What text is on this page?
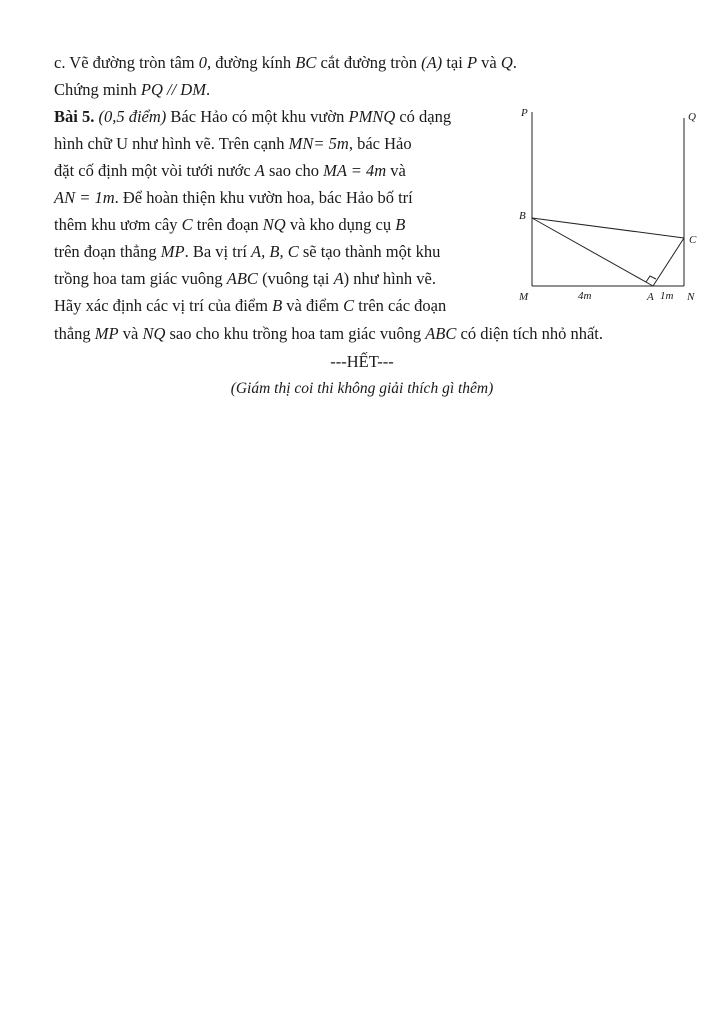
c. Vẽ đường tròn tâm 0, đường kính BC cắt đường tròn (A) tại P và Q.
Chứng minh PQ // DM.
Bài 5. (0,5 điểm) Bác Hảo có một khu vườn PMNQ có dạng
hình chữ U như hình vẽ. Trên cạnh MN= 5m, bác Hảo
đặt cố định một vòi tưới nước A sao cho MA = 4m và
AN = 1m. Để hoàn thiện khu vườn hoa, bác Hảo bố trí
thêm khu ươm cây C trên đoạn NQ và kho dụng cụ B
trên đoạn thẳng MP. Ba vị trí A, B, C sẽ tạo thành một khu
trồng hoa tam giác vuông ABC (vuông tại A) như hình vẽ.
Hãy xác định các vị trí của điểm B và điểm C trên các đoạn
thẳng MP và NQ sao cho khu trồng hoa tam giác vuông ABC có diện tích nhỏ nhất.
---HẾT---
(Giám thị coi thi không giải thích gì thêm)
P	Q
B
C
M	4m	A 1m N
